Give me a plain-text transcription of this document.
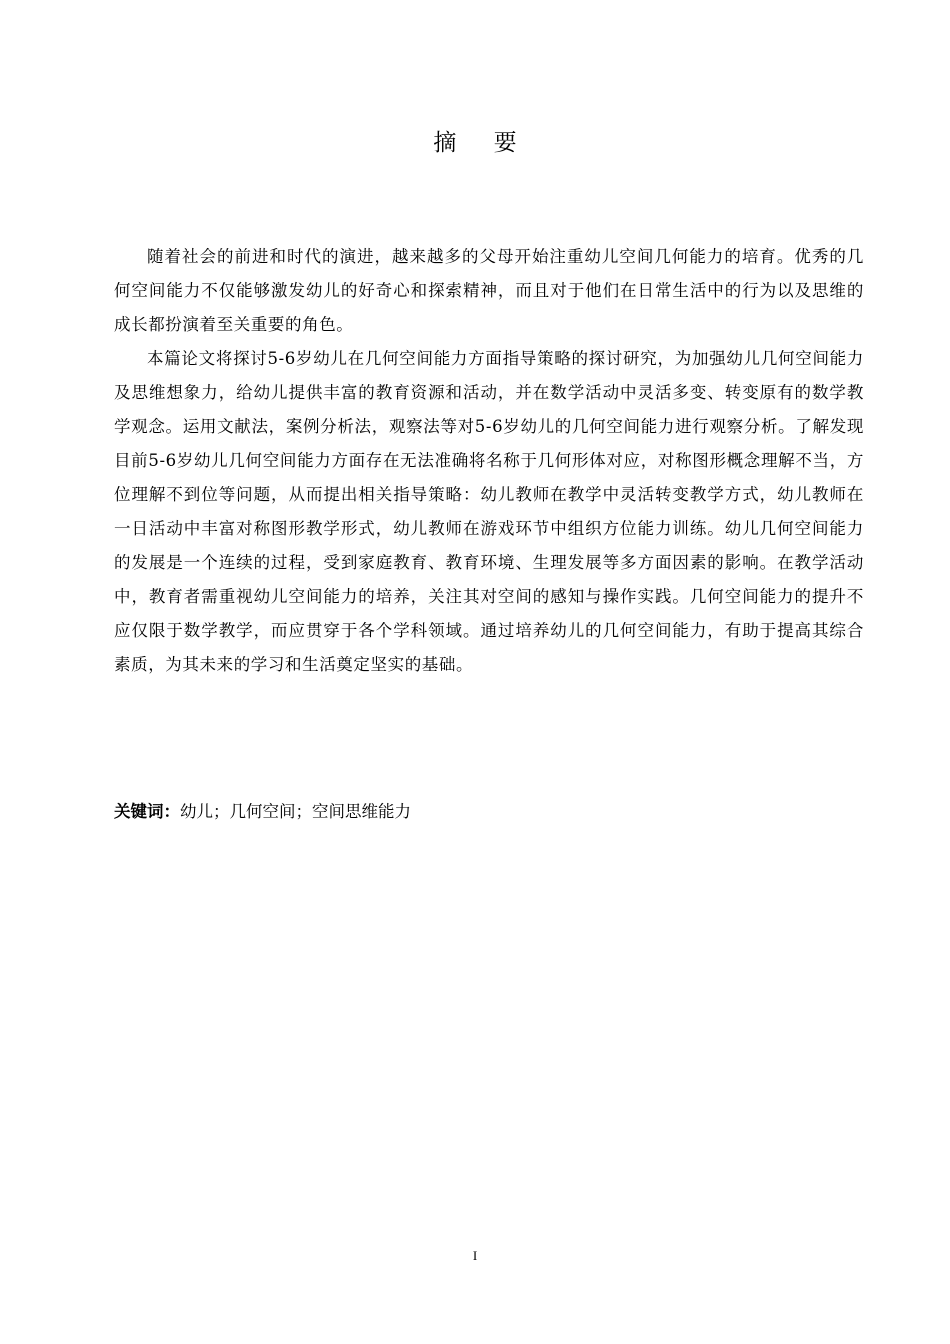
摘 要

随着社会的前进和时代的演进，越来越多的父母开始注重幼儿空间几何能力的培育。优秀的几何空间能力不仅能够激发幼儿的好奇心和探索精神，而且对于他们在日常生活中的行为以及思维的成长都扮演着至关重要的角色。

本篇论文将探讨5-6岁幼儿在几何空间能力方面指导策略的探讨研究，为加强幼儿几何空间能力及思维想象力，给幼儿提供丰富的教育资源和活动，并在数学活动中灵活多变、转变原有的数学教学观念。运用文献法，案例分析法，观察法等对5-6岁幼儿的几何空间能力进行观察分析。了解发现目前5-6岁幼儿几何空间能力方面存在无法准确将名称于几何形体对应，对称图形概念理解不当，方位理解不到位等问题，从而提出相关指导策略：幼儿教师在教学中灵活转变教学方式，幼儿教师在一日活动中丰富对称图形教学形式，幼儿教师在游戏环节中组织方位能力训练。幼儿几何空间能力的发展是一个连续的过程，受到家庭教育、教育环境、生理发展等多方面因素的影响。在教学活动中，教育者需重视幼儿空间能力的培养，关注其对空间的感知与操作实践。几何空间能力的提升不应仅限于数学教学，而应贯穿于各个学科领域。通过培养幼儿的几何空间能力，有助于提高其综合素质，为其未来的学习和生活奠定坚实的基础。

关键词：幼儿；几何空间；空间思维能力
I
